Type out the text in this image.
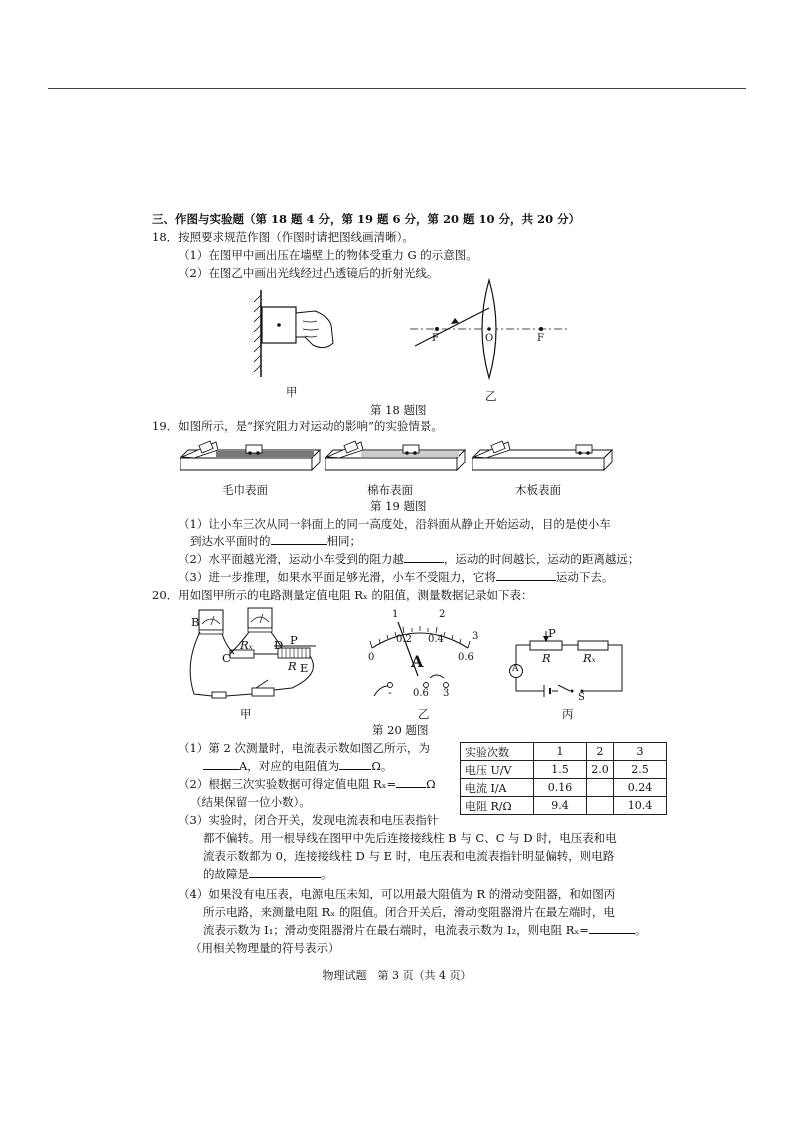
三、作图与实验题（第 18 题 4 分，第 19 题 6 分，第 20 题 10 分，共 20 分）
18．按照要求规范作图（作图时请把图线画清晰）。
（1）在图甲中画出压在墙壁上的物体受重力 G 的示意图。
（2）在图乙中画出光线经过凸透镜后的折射光线。
甲
F	O	F
乙
第 18 题图
19．如图所示，是“探究阻力对运动的影响”的实验情景。
毛巾表面	棉布表面	木板表面
第 19 题图
（1）让小车三次从同一斜面上的同一高度处，沿斜面从静止开始运动，目的是使小车
到达水平面时的	相同；
（2）水平面越光滑，运动小车受到的阻力越	，运动的时间越长，运动的距离越远；
（3）进一步推理，如果水平面足够光滑，小车不受阻力，它将	运动下去。
20．用如图甲所示的电路测量定值电阻 Rₓ 的阻值，测量数据记录如下表：
B
C
D P
Rₓ
R E
甲
1	2
3
0
0.2 0.4
0.6
A
- 0.6 3
乙
P
R	Rₓ
A
S
丙
第 20 题图
（1）第 2 次测量时，电流表示数如图乙所示，为
A，对应的电阻值为	Ω。
（2）根据三次实验数据可得定值电阻 Rₓ=	Ω
（结果保留一位小数）。
（3）实验时，闭合开关，发现电流表和电压表指针
都不偏转。用一根导线在图甲中先后连接接线柱 B 与 C、C 与 D 时，电压表和电
流表示数都为 0，连接接线柱 D 与 E 时，电压表和电流表指针明显偏转，则电路
的故障是	。
（4）如果没有电压表，电源电压未知，可以用最大阻值为 R 的滑动变阻器，和如图丙
所示电路，来测量电阻 Rₓ 的阻值。闭合开关后，滑动变阻器滑片在最左端时，电
流表示数为 I₁；滑动变阻器滑片在最右端时，电流表示数为 I₂，则电阻 Rₓ=	。
（用相关物理量的符号表示）
实验次数	1	2	3
电压 U/V	1.5	2.0	2.5
电流 I/A	0.16		0.24
电阻 R/Ω	9.4		10.4
物理试题　第 3 页（共 4 页）
